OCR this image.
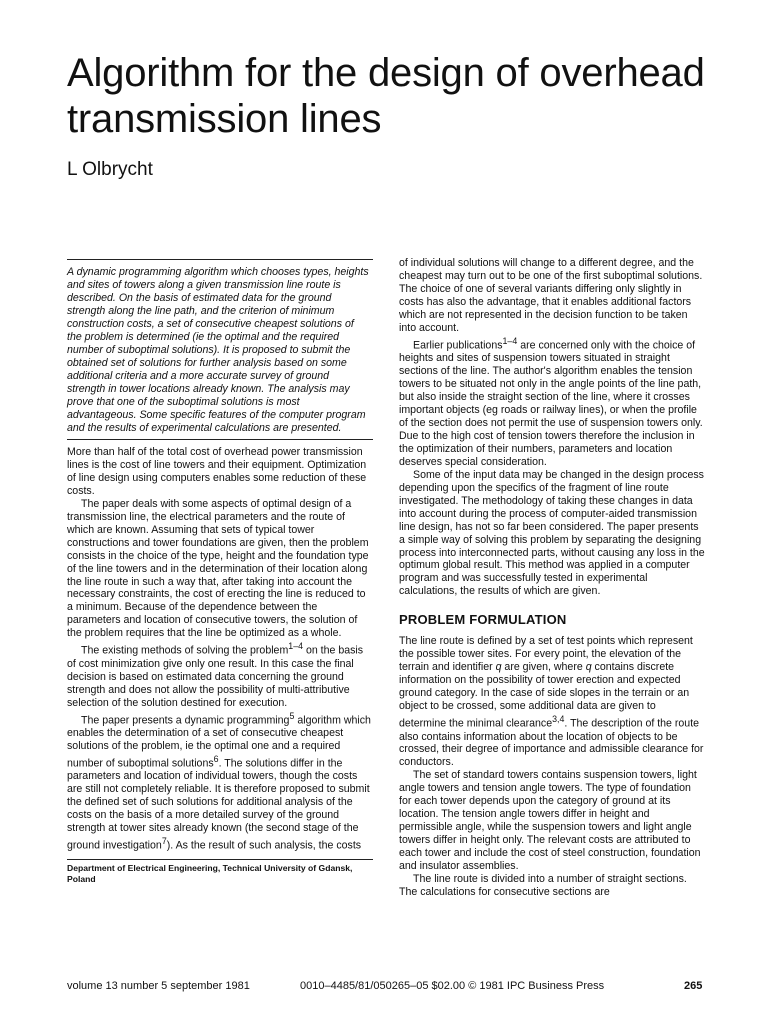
Algorithm for the design of overhead transmission lines

L Olbrycht

A dynamic programming algorithm which chooses types, heights and sites of towers along a given transmission line route is described. On the basis of estimated data for the ground strength along the line path, and the criterion of minimum construction costs, a set of consecutive cheapest solutions of the problem is determined (ie the optimal and the required number of suboptimal solutions). It is proposed to submit the obtained set of solutions for further analysis based on some additional criteria and a more accurate survey of ground strength in tower locations already known. The analysis may prove that one of the suboptimal solutions is most advantageous. Some specific features of the computer program and the results of experimental calculations are presented.

More than half of the total cost of overhead power transmission lines is the cost of line towers and their equipment. Optimization of line design using computers enables some reduction of these costs.

The paper deals with some aspects of optimal design of a transmission line, the electrical parameters and the route of which are known. Assuming that sets of typical tower constructions and tower foundations are given, then the problem consists in the choice of the type, height and the foundation type of the line towers and in the determination of their location along the line route in such a way that, after taking into account the necessary constraints, the cost of erecting the line is reduced to a minimum. Because of the dependence between the parameters and location of consecutive towers, the solution of the problem requires that the line be optimized as a whole.

The existing methods of solving the problem$^{1-4}$ on the basis of cost minimization give only one result. In this case the final decision is based on estimated data concerning the ground strength and does not allow the possibility of multi-attributive selection of the solution destined for execution.

The paper presents a dynamic programming$^5$ algorithm which enables the determination of a set of consecutive cheapest solutions of the problem, ie the optimal one and a required number of suboptimal solutions$^6$. The solutions differ in the parameters and location of individual towers, though the costs are still not completely reliable. It is therefore proposed to submit the defined set of such solutions for additional analysis of the costs on the basis of a more detailed survey of the ground strength at tower sites already known (the second stage of the ground investigation$^7$). As the result of such analysis, the costs

Department of Electrical Engineering, Technical University of Gdansk, Poland

of individual solutions will change to a different degree, and the cheapest may turn out to be one of the first suboptimal solutions. The choice of one of several variants differing only slightly in costs has also the advantage, that it enables additional factors which are not represented in the decision function to be taken into account.

Earlier publications$^{1-4}$ are concerned only with the choice of heights and sites of suspension towers situated in straight sections of the line. The author's algorithm enables the tension towers to be situated not only in the angle points of the line path, but also inside the straight section of the line, where it crosses important objects (eg roads or railway lines), or when the profile of the section does not permit the use of suspension towers only. Due to the high cost of tension towers therefore the inclusion in the optimization of their numbers, parameters and location deserves special consideration.

Some of the input data may be changed in the design process depending upon the specifics of the fragment of line route investigated. The methodology of taking these changes in data into account during the process of computer-aided transmission line design, has not so far been considered. The paper presents a simple way of solving this problem by separating the designing process into interconnected parts, without causing any loss in the optimum global result. This method was applied in a computer program and was successfully tested in experimental calculations, the results of which are given.

PROBLEM FORMULATION

The line route is defined by a set of test points which represent the possible tower sites. For every point, the elevation of the terrain and identifier q are given, where q contains discrete information on the possibility of tower erection and expected ground category. In the case of side slopes in the terrain or an object to be crossed, some additional data are given to determine the minimal clearance$^{3,4}$. The description of the route also contains information about the location of objects to be crossed, their degree of importance and admissible clearance for conductors.

The set of standard towers contains suspension towers, light angle towers and tension angle towers. The type of foundation for each tower depends upon the category of ground at its location. The tension angle towers differ in height and permissible angle, while the suspension towers and light angle towers differ in height only. The relevant costs are attributed to each tower and include the cost of steel construction, foundation and insulator assemblies.

The line route is divided into a number of straight sections. The calculations for consecutive sections are

volume 13 number 5 september 1981	0010–4485/81/050265–05 $02.00 © 1981 IPC Business Press	265
